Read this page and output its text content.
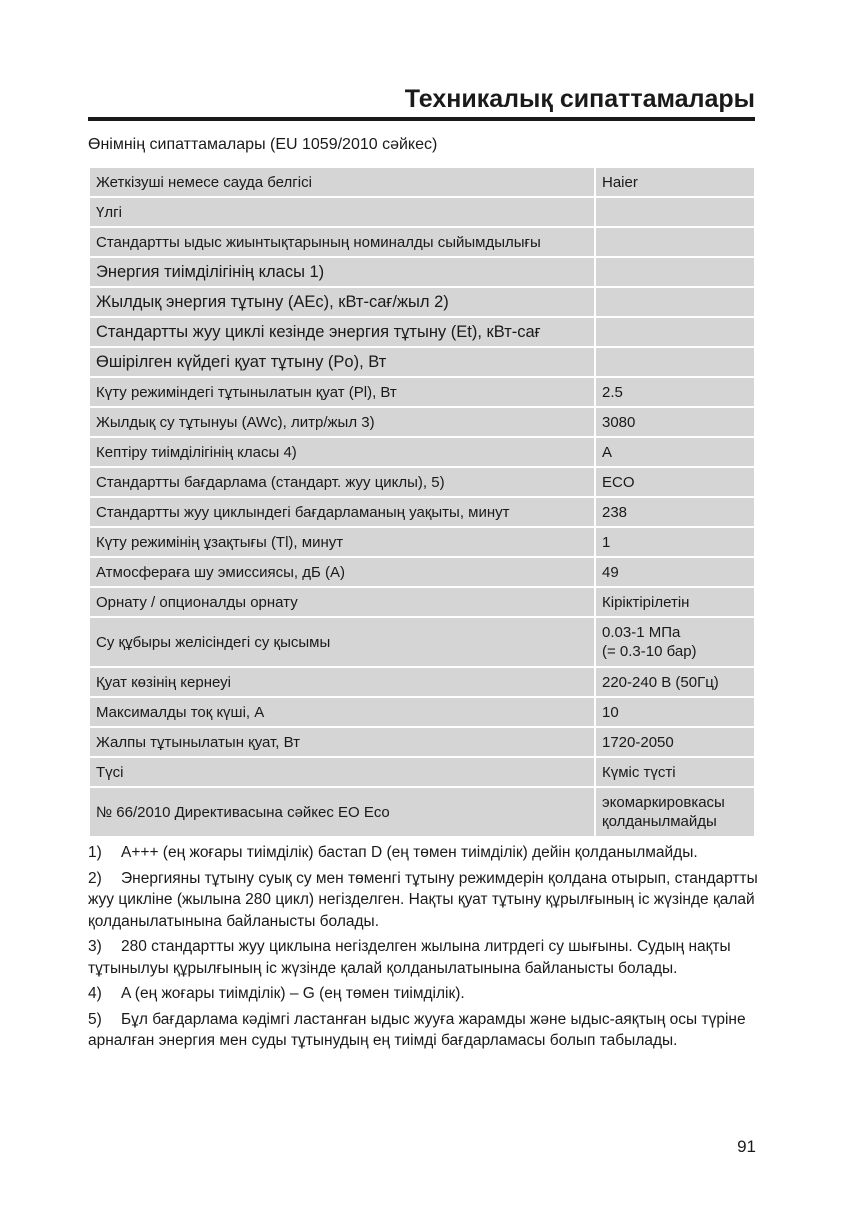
Техникалық сипаттамалары
Өнімнің сипаттамалары (EU 1059/2010 сәйкес)
Жеткізуші немесе сауда белгісі	Haier

Үлгі	

Стандартты ыдыс жиынтықтарының номиналды сыйымдылығы	

Энергия тиімділігінің класы 1)	

Жылдық энергия тұтыну (AEc), кВт-сағ/жыл 2)	

Стандартты жуу циклі кезінде энергия тұтыну (Et), кВт-сағ	

Өшірілген күйдегі қуат тұтыну (Po), Вт	

Күту режиміндегі тұтынылатын қуат (Pl), Вт	2.5

Жылдық су тұтынуы (AWc), литр/жыл 3)	3080

Кептіру тиімділігінің класы 4)	A

Стандартты бағдарлама (стандарт. жуу циклы), 5)	ECO

Стандартты жуу циклындегі бағдарламаның уақыты, минут	238

Күту режимінің ұзақтығы (Tl), минут	1

Атмосфераға шу эмиссиясы, дБ (А)	49

Орнату / опционалды орнату	Кіріктірілетін

Су құбыры желісіндегі су қысымы	0.03-1 МПа
(= 0.3-10 бар)

Қуат көзінің кернеуі	220-240 В (50Гц)

Максималды тоқ күші, А	10

Жалпы тұтынылатын қуат, Вт	1720-2050

Түсі	Күміс түсті

№ 66/2010 Директивасына сәйкес ЕО Eco	экомаркировкасы
қолданылмайды
1) A+++ (ең жоғары тиімділік) бастап D (ең төмен тиімділік) дейін қолданылмайды.
2) Энергияны тұтыну суық су мен төменгі тұтыну режимдерін қолдана отырып, стандартты жуу цикліне (жылына 280 цикл) негізделген. Нақты қуат тұтыну құрылғының іс жүзінде қалай қолданылатынына байланысты болады.
3) 280 стандартты жуу циклына негізделген жылына литрдегі су шығыны. Судың нақты тұтынылуы құрылғының іс жүзінде қалай қолданылатынына байланысты болады.
4) A (ең жоғары тиімділік) – G (ең төмен тиімділік).
5) Бұл бағдарлама кәдімгі ластанған ыдыс жууға жарамды және ыдыс-аяқтың осы түріне арналған энергия мен суды тұтынудың ең тиімді бағдарламасы болып табылады.
91
